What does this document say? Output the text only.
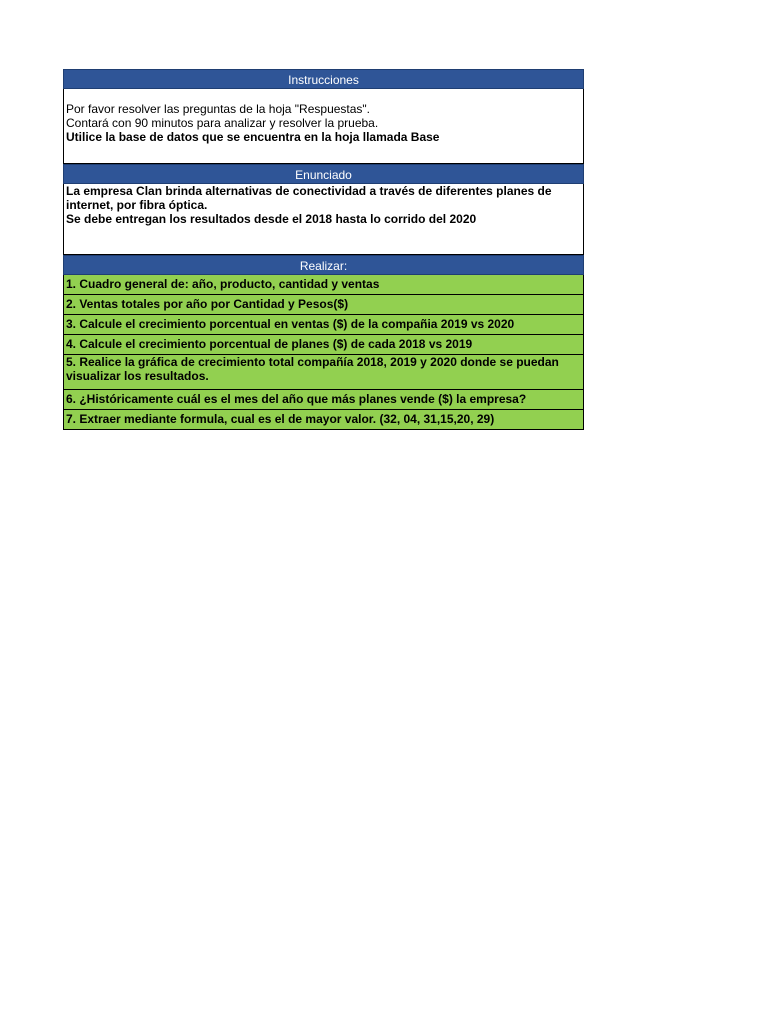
Instrucciones

Por favor resolver las preguntas de la hoja "Respuestas".

Contará con 90 minutos para analizar y resolver la prueba.

Utilice la base de datos que se encuentra en la hoja llamada Base

Enunciado

La empresa Clan brinda alternativas de conectividad a través de diferentes planes de internet, por fibra óptica.

Se debe entregan los resultados desde el 2018 hasta lo corrido del 2020

Realizar:
1. Cuadro general de: año, producto, cantidad y ventas
2. Ventas totales por año por Cantidad y Pesos($)
3. Calcule el crecimiento porcentual en ventas ($) de la compañia 2019 vs 2020
4. Calcule el crecimiento porcentual de planes ($) de cada 2018 vs 2019
5. Realice la gráfica de crecimiento total compañía 2018, 2019 y 2020 donde se puedan visualizar los resultados.
6. ¿Históricamente cuál es el mes del año que más planes vende ($) la empresa?
7. Extraer mediante formula, cual es el de mayor valor. (32, 04, 31,15,20, 29)
